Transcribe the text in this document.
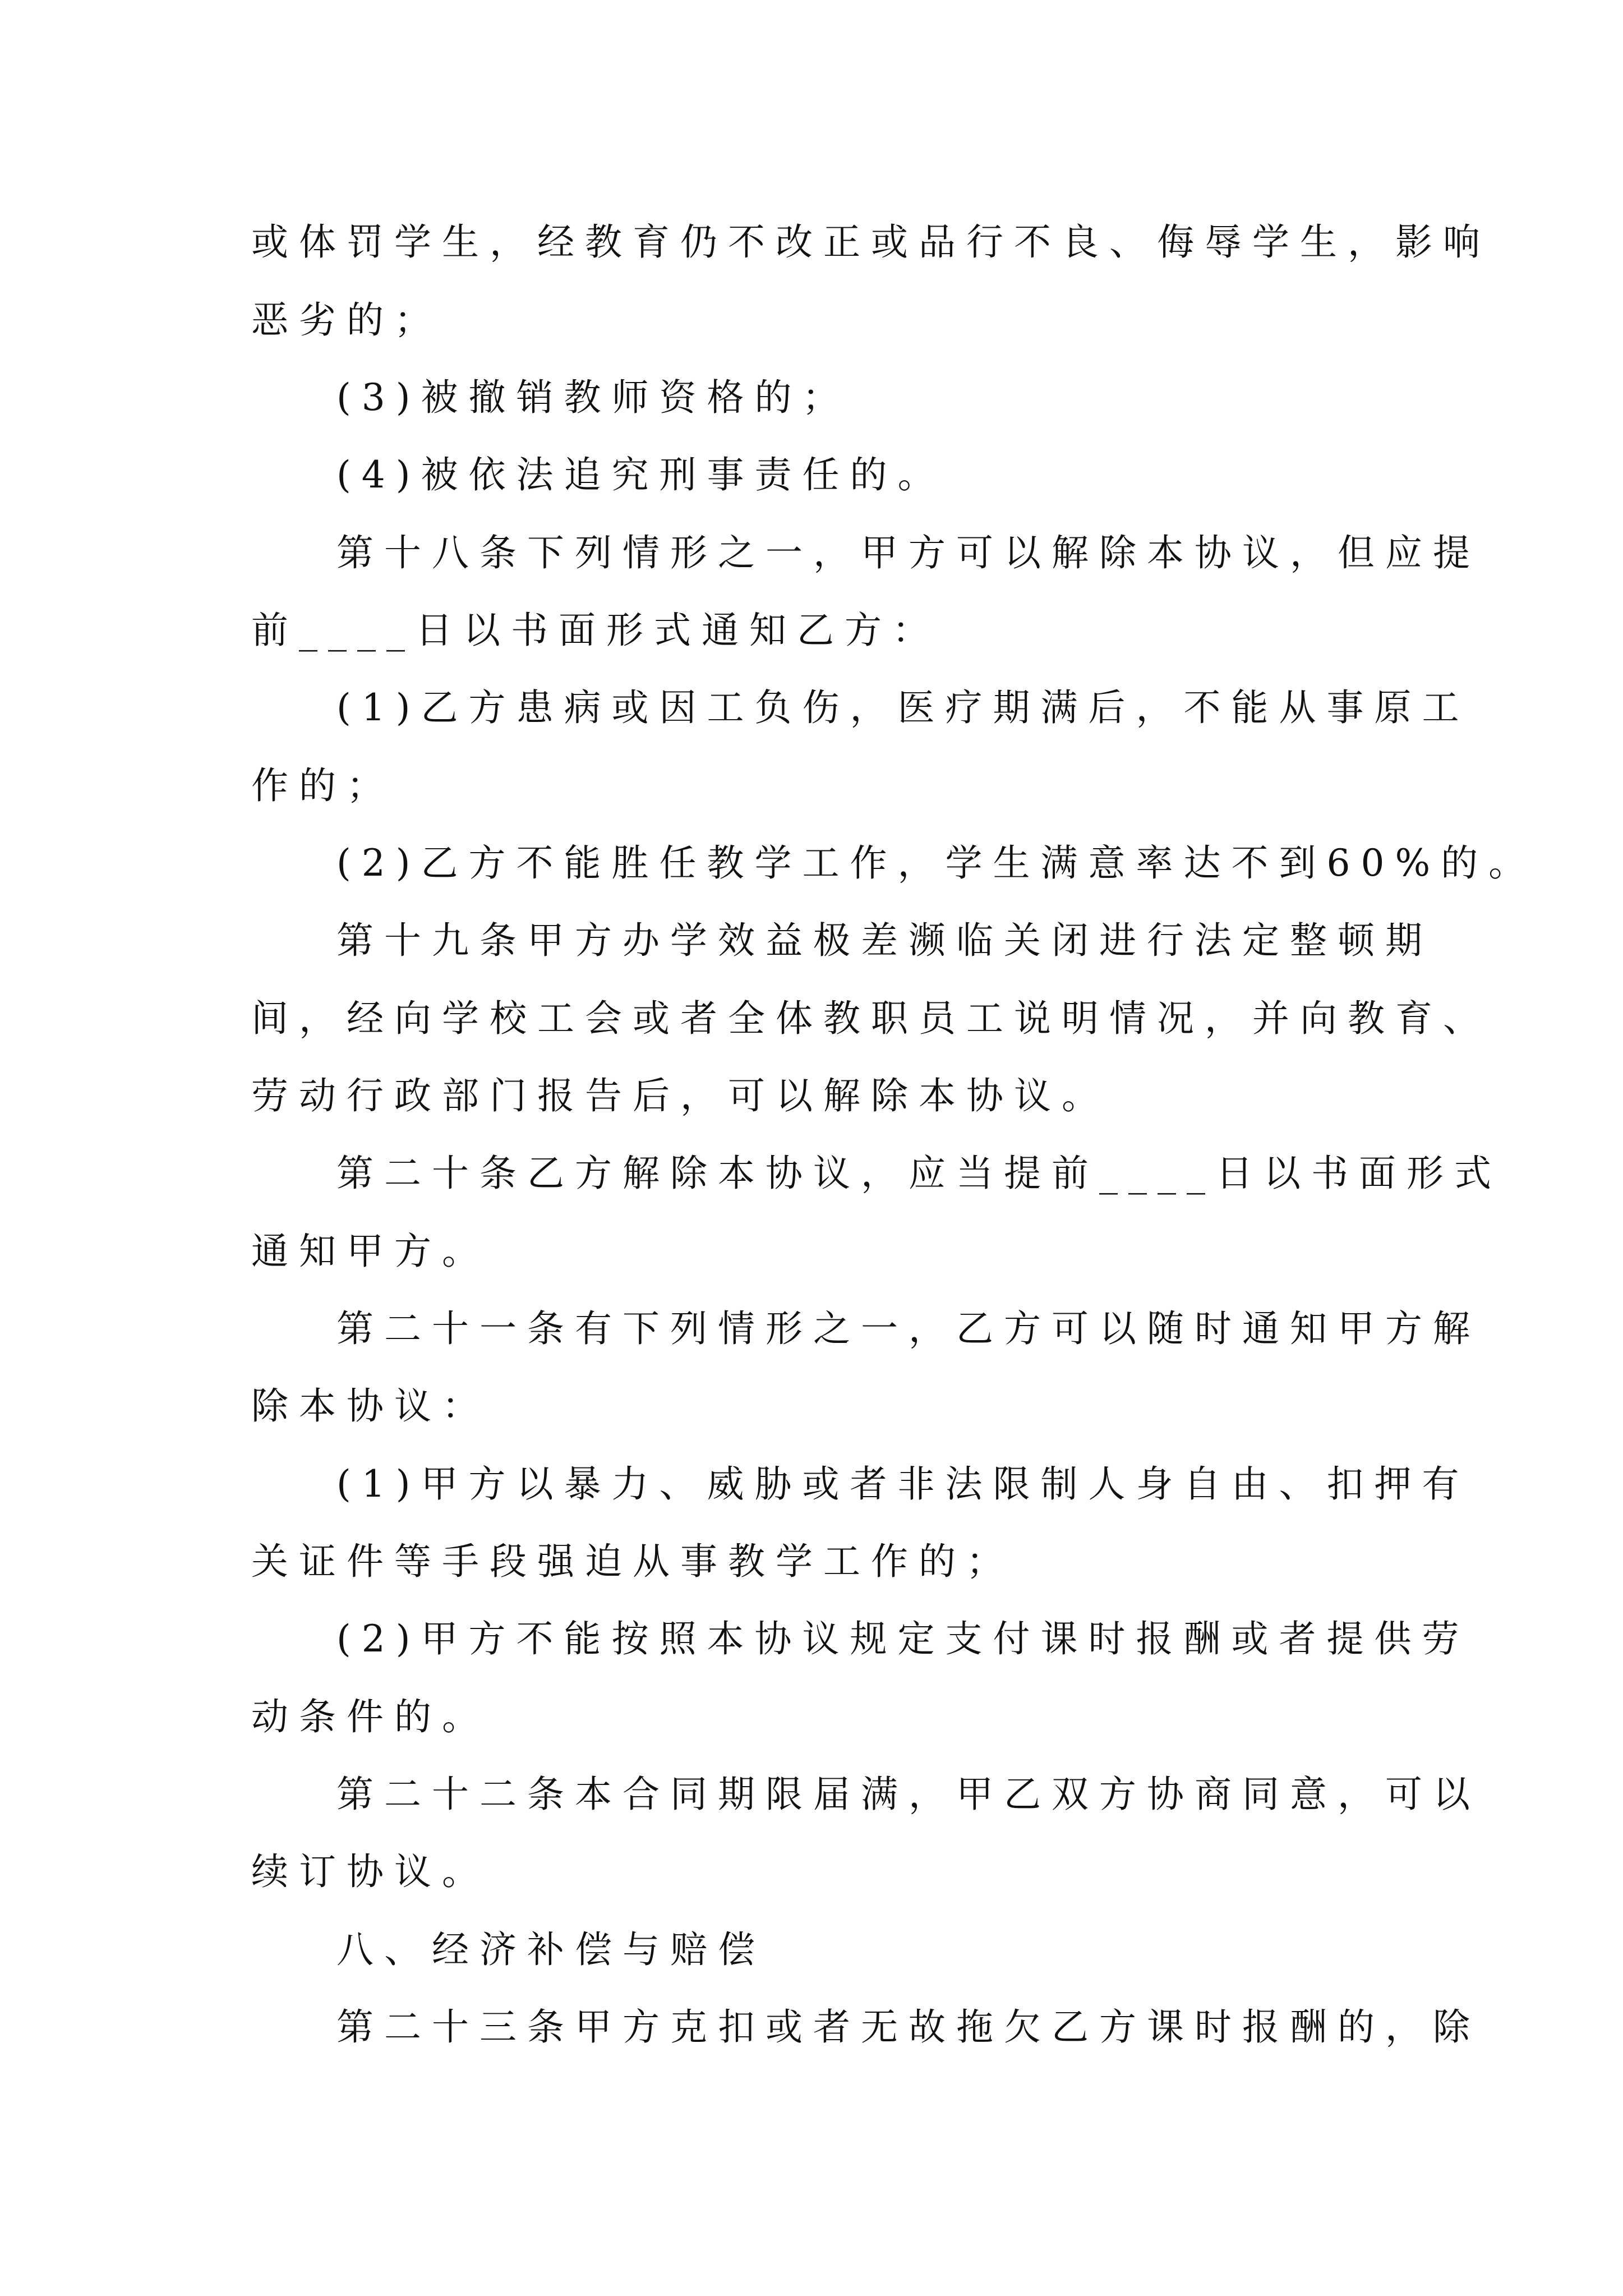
或体罚学生，经教育仍不改正或品行不良、侮辱学生，影响
恶劣的；
(3)被撤销教师资格的；
(4)被依法追究刑事责任的。
第十八条下列情形之一，甲方可以解除本协议，但应提
前____日以书面形式通知乙方：
(1)乙方患病或因工负伤，医疗期满后，不能从事原工
作的；
(2)乙方不能胜任教学工作，学生满意率达不到60%的。
第十九条甲方办学效益极差濒临关闭进行法定整顿期
间，经向学校工会或者全体教职员工说明情况，并向教育、
劳动行政部门报告后，可以解除本协议。
第二十条乙方解除本协议，应当提前____日以书面形式
通知甲方。
第二十一条有下列情形之一，乙方可以随时通知甲方解
除本协议：
(1)甲方以暴力、威胁或者非法限制人身自由、扣押有
关证件等手段强迫从事教学工作的；
(2)甲方不能按照本协议规定支付课时报酬或者提供劳
动条件的。
第二十二条本合同期限届满，甲乙双方协商同意，可以
续订协议。
八、经济补偿与赔偿
第二十三条甲方克扣或者无故拖欠乙方课时报酬的，除
